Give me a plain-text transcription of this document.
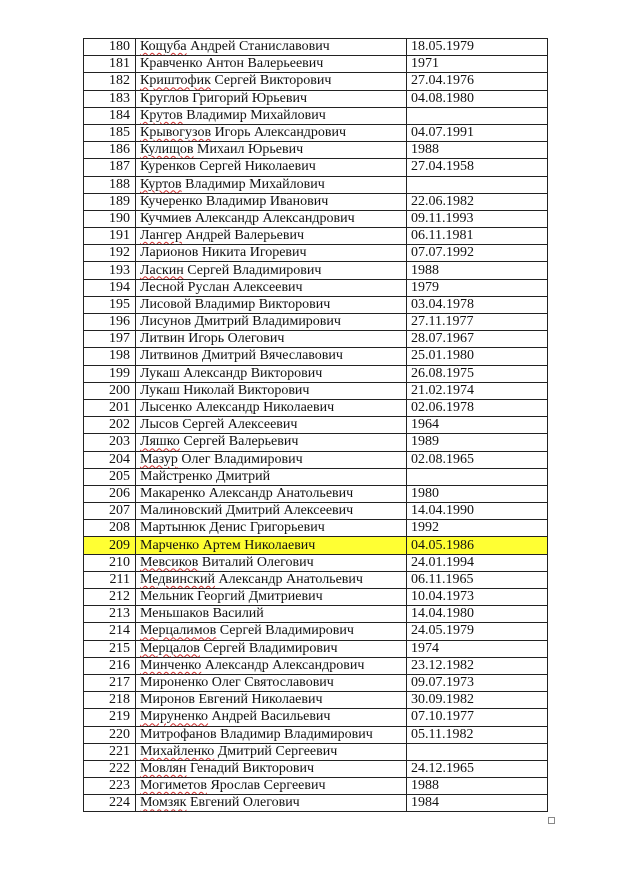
180	Кощуба Андрей Станиславович	18.05.1979
181	Кравченко Антон Валерьеевич	1971
182	Криштофик Сергей Викторович	27.04.1976
183	Круглов Григорий Юрьевич	04.08.1980
184	Крутов Владимир Михайлович	
185	Крывогузов Игорь Александрович	04.07.1991
186	Кулищов Михаил Юрьевич	1988
187	Куренков Сергей Николаевич	27.04.1958
188	Куртов Владимир Михайлович	
189	Кучеренко Владимир Иванович	22.06.1982
190	Кучмиев Александр Александрович	09.11.1993
191	Лангер Андрей Валерьевич	06.11.1981
192	Ларионов Никита Игоревич	07.07.1992
193	Ласкин Сергей Владимирович	1988
194	Лесной Руслан Алексеевич	1979
195	Лисовой Владимир Викторович	03.04.1978
196	Лисунов Дмитрий Владимирович	27.11.1977
197	Литвин Игорь Олегович	28.07.1967
198	Литвинов Дмитрий Вячеславович	25.01.1980
199	Лукаш Александр Викторович	26.08.1975
200	Лукаш Николай Викторович	21.02.1974
201	Лысенко Александр Николаевич	02.06.1978
202	Лысов Сергей Алексеевич	1964
203	Ляшко Сергей Валерьевич	1989
204	Мазур Олег Владимирович	02.08.1965
205	Майстренко Дмитрий	
206	Макаренко Александр Анатольевич	1980
207	Малиновский Дмитрий Алексеевич	14.04.1990
208	Мартынюк Денис Григорьевич	1992
209	Марченко Артем Николаевич	04.05.1986
210	Мевсиков Виталий Олегович	24.01.1994
211	Медвинский Александр Анатольевич	06.11.1965
212	Мельник Георгий Дмитриевич	10.04.1973
213	Меньшаков Василий	14.04.1980
214	Мерцалимов Сергей Владимирович	24.05.1979
215	Мерцалов Сергей Владимирович	1974
216	Минченко Александр Александрович	23.12.1982
217	Мироненко Олег Святославович	09.07.1973
218	Миронов Евгений Николаевич	30.09.1982
219	Мируненко Андрей Васильевич	07.10.1977
220	Митрофанов Владимир Владимирович	05.11.1982
221	Михайленко Дмитрий Сергеевич	
222	Мовлян Генадий Викторович	24.12.1965
223	Могиметов Ярослав Сергеевич	1988
224	Момзяк Евгений Олегович	1984
